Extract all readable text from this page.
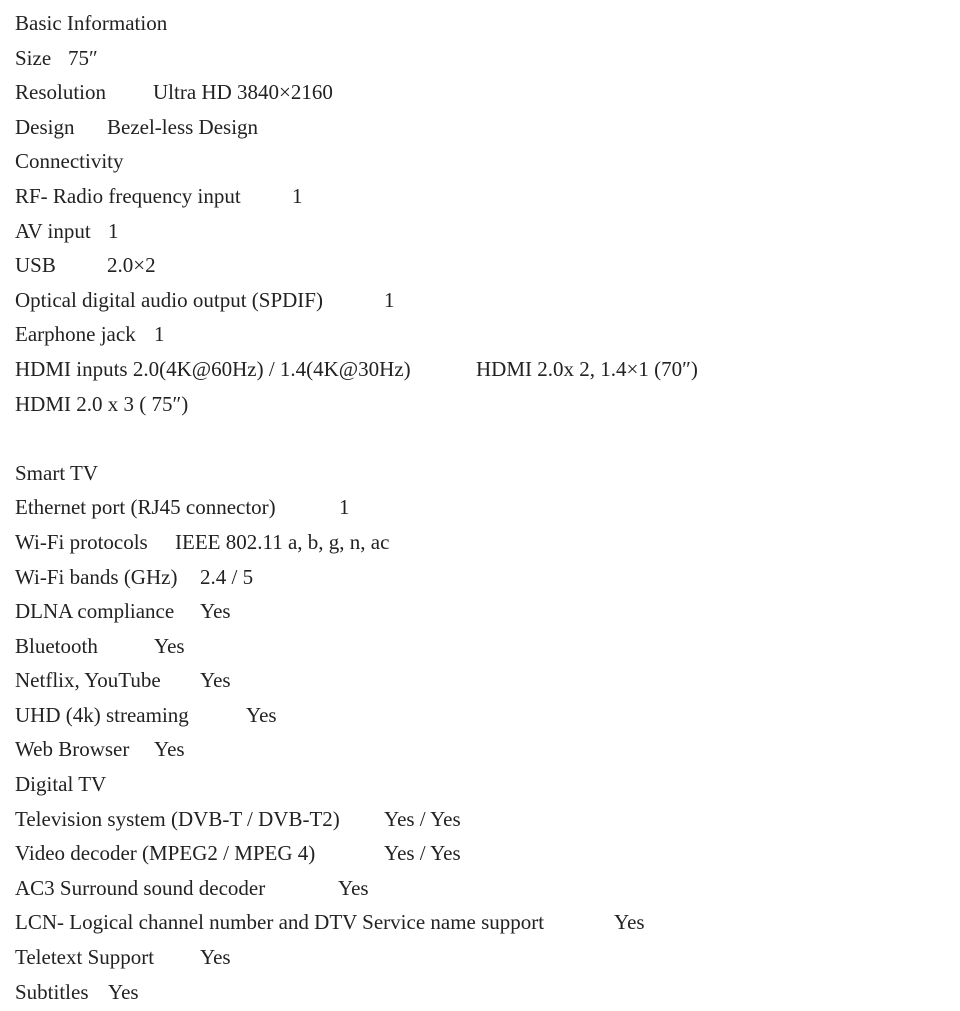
Basic Information
Size 75″
Resolution Ultra HD 3840×2160
Design Bezel-less Design
Connectivity
RF- Radio frequency input 1
AV input 1
USB 2.0×2
Optical digital audio output (SPDIF)	1
Earphone jack 1
HDMI inputs 2.0(4K@60Hz) / 1.4(4K@30Hz)	HDMI 2.0x 2, 1.4×1 (70″)
HDMI 2.0 x 3 ( 75″)
Smart TV
Ethernet port (RJ45 connector)	1
Wi-Fi protocols IEEE 802.11 a, b, g, n, ac
Wi-Fi bands (GHz) 2.4 / 5
DLNA compliance Yes
Bluetooth	Yes
Netflix, YouTube Yes
UHD (4k) streaming	Yes
Web Browser Yes
Digital TV
Television system (DVB-T / DVB-T2) Yes / Yes
Video decoder (MPEG2 / MPEG 4)	Yes / Yes
AC3 Surround sound decoder	Yes
LCN- Logical channel number and DTV Service name support	Yes
Teletext Support Yes
Subtitles Yes
